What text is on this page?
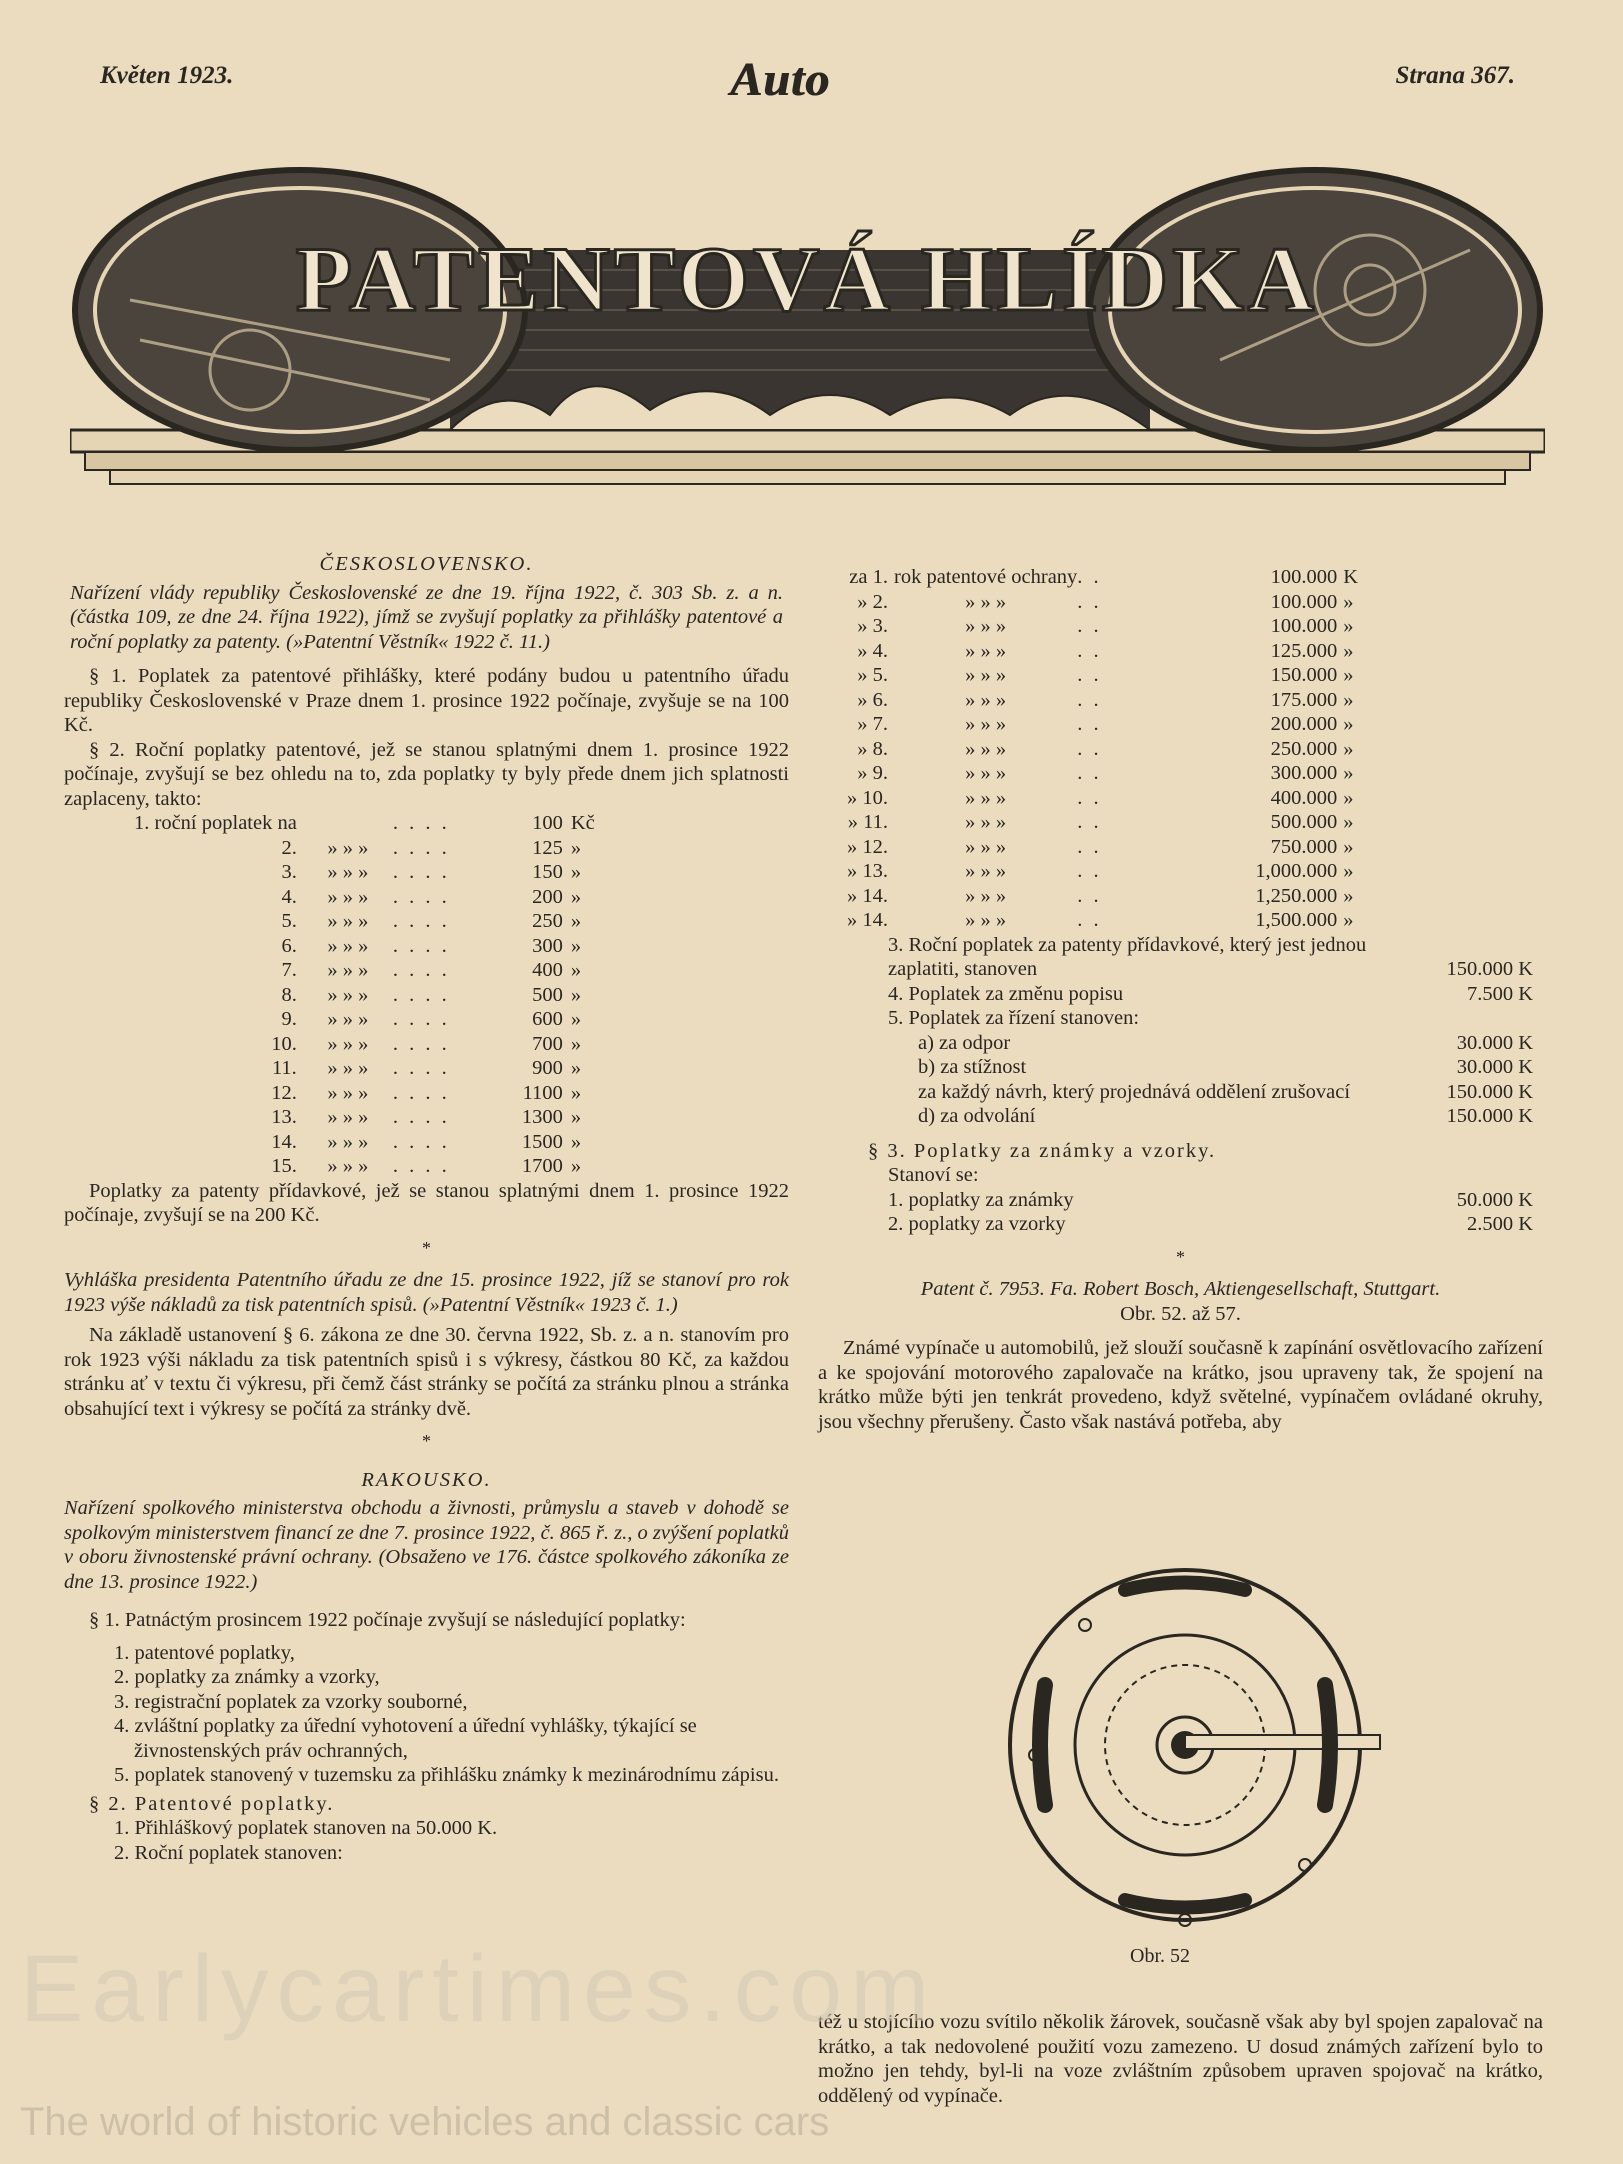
Květen 1923.	Auto	Strana 367.
PATENTOVÁ HLÍDKA
ČESKOSLOVENSKO.

Nařízení vlády republiky Československé ze dne 19. října 1922, č. 303 Sb. z. a n. (částka 109, ze dne 24. října 1922), jímž se zvyšují poplatky za přihlášky patentové a roční poplatky za patenty. (»Patentní Věstník« 1922 č. 11.)

§ 1. Poplatek za patentové přihlášky, které podány budou u patentního úřadu republiky Československé v Praze dnem 1. prosince 1922 počínaje, zvyšuje se na 100 Kč.

§ 2. Roční poplatky patentové, jež se stanou splatnými dnem 1. prosince 1922 počínaje, zvyšují se bez ohledu na to, zda poplatky ty byly přede dnem jich splatnosti zaplaceny, takto:

1. roční poplatek na		. . . .	100	Kč
2.	» » »	. . . .	125	»
3.	» » »	. . . .	150	»
4.	» » »	. . . .	200	»
5.	» » »	. . . .	250	»
6.	» » »	. . . .	300	»
7.	» » »	. . . .	400	»
8.	» » »	. . . .	500	»
9.	» » »	. . . .	600	»
10.	» » »	. . . .	700	»
11.	» » »	. . . .	900	»
12.	» » »	. . . .	1100	»
13.	» » »	. . . .	1300	»
14.	» » »	. . . .	1500	»
15.	» » »	. . . .	1700	»

Poplatky za patenty přídavkové, jež se stanou splatnými dnem 1. prosince 1922 počínaje, zvyšují se na 200 Kč.

*

Vyhláška presidenta Patentního úřadu ze dne 15. prosince 1922, jíž se stanoví pro rok 1923 výše nákladů za tisk patentních spisů. (»Patentní Věstník« 1923 č. 1.)

Na základě ustanovení § 6. zákona ze dne 30. června 1922, Sb. z. a n. stanovím pro rok 1923 výši nákladu za tisk patentních spisů i s výkresy, částkou 80 Kč, za každou stránku ať v textu či výkresu, při čemž část stránky se počítá za stránku plnou a stránka obsahující text i výkresy se počítá za stránky dvě.

*
RAKOUSKO.

Nařízení spolkového ministerstva obchodu a živnosti, průmyslu a staveb v dohodě se spolkovým ministerstvem financí ze dne 7. prosince 1922, č. 865 ř. z., o zvýšení poplatků v oboru živnostenské právní ochrany. (Obsaženo ve 176. částce spolkového zákoníka ze dne 13. prosince 1922.)

§ 1. Patnáctým prosincem 1922 počínaje zvyšují se následující poplatky:

1. patentové poplatky,
2. poplatky za známky a vzorky,
3. registrační poplatek za vzorky souborné,
4. zvláštní poplatky za úřední vyhotovení a úřední vyhlášky, týkající se živnostenských práv ochranných,
5. poplatek stanovený v tuzemsku za přihlášku známky k mezinárodnímu zápisu.

§ 2. Patentové poplatky.

1. Přihláškový poplatek stanoven na 50.000 K.
2. Roční poplatek stanoven:
za 1.	rok patentové ochrany	. .	100.000	K
» 2.	» » »	. .	100.000	»
» 3.	» » »	. .	100.000	»
» 4.	» » »	. .	125.000	»
» 5.	» » »	. .	150.000	»
» 6.	» » »	. .	175.000	»
» 7.	» » »	. .	200.000	»
» 8.	» » »	. .	250.000	»
» 9.	» » »	. .	300.000	»
» 10.	» » »	. .	400.000	»
» 11.	» » »	. .	500.000	»
» 12.	» » »	. .	750.000	»
» 13.	» » »	. .	1,000.000	»
» 14.	» » »	. .	1,250.000	»
» 14.	» » »	. .	1,500.000	»
3. Roční poplatek za patenty přídavkové, který jest jednou zaplatiti, stanoven	150.000 K
4. Poplatek za změnu popisu	7.500 K
5. Poplatek za řízení stanoven:
a) za odpor	30.000 K
b) za stížnost	30.000 K
za každý návrh, který projednává oddělení zrušovací	150.000 K
d) za odvolání	150.000 K
§ 3. Poplatky za známky a vzorky.
Stanoví se:
1. poplatky za známky	50.000 K
2. poplatky za vzorky	2.500 K
*

Patent č. 7953. Fa. Robert Bosch, Aktiengesellschaft, Stuttgart.

Obr. 52. až 57.

Známé vypínače u automobilů, jež slouží současně k zapínání osvětlovacího zařízení a ke spojování motorového zapalovače na krátko, jsou upraveny tak, že spojení na krátko může býti jen tenkrát provedeno, když světelné, vypínačem ovládané okruhy, jsou všechny přerušeny. Často však nastává potřeba, aby

Obr. 52

též u stojícího vozu svítilo několik žárovek, současně však aby byl spojen zapalovač na krátko, a tak nedovolené použití vozu zamezeno. U dosud známých zařízení bylo to možno jen tehdy, byl-li na voze zvláštním způsobem upraven spojovač na krátko, oddělený od vypínače.

Earlycartimes.com
The world of historic vehicles and classic cars
